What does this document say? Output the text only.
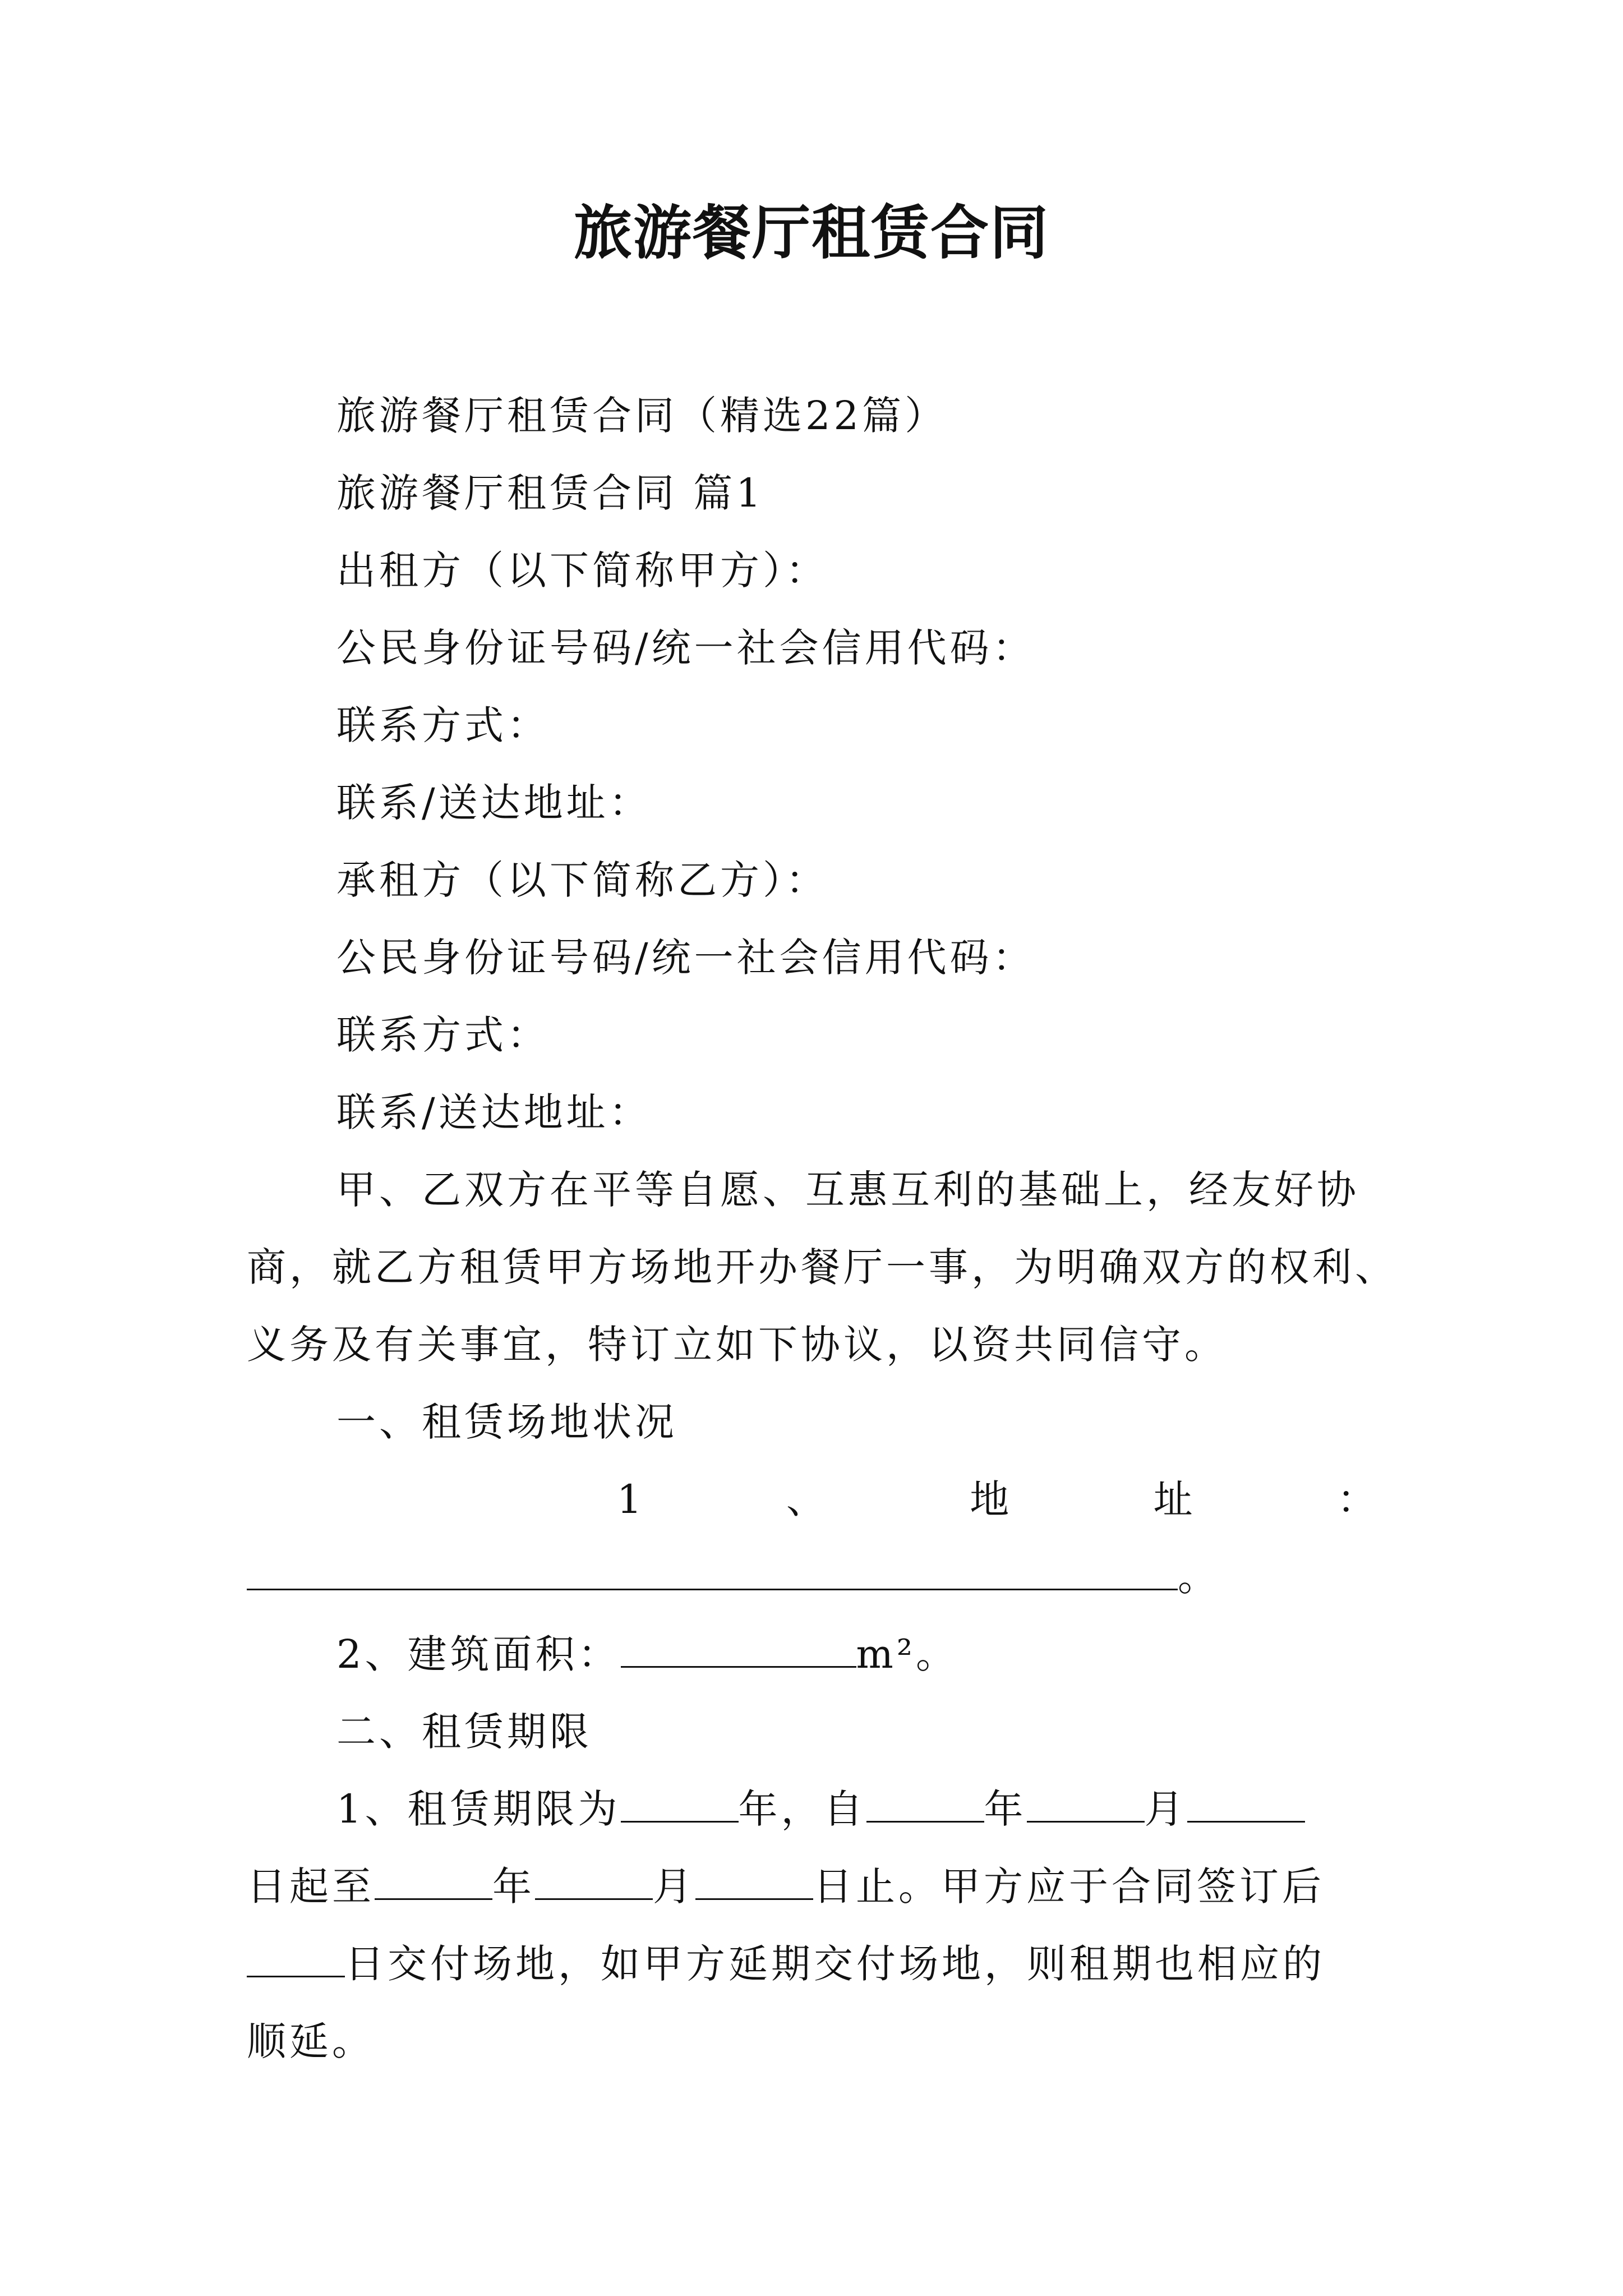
旅游餐厅租赁合同
旅游餐厅租赁合同（精选22篇）
旅游餐厅租赁合同 篇1
出租方（以下简称甲方）：
公民身份证号码/统一社会信用代码：
联系方式：
联系/送达地址：
承租方（以下简称乙方）：
公民身份证号码/统一社会信用代码：
联系方式：
联系/送达地址：
甲、乙双方在平等自愿、互惠互利的基础上，经友好协
商，就乙方租赁甲方场地开办餐厅一事，为明确双方的权利、
义务及有关事宜，特订立如下协议，以资共同信守。
一、租赁场地状况
1	、	地	址	：
。
2、建筑面积：	m²。
二、租赁期限
1、租赁期限为	年，自	年	月
日起至	年	月	日止。甲方应于合同签订后
日交付场地，如甲方延期交付场地，则租期也相应的
顺延。
